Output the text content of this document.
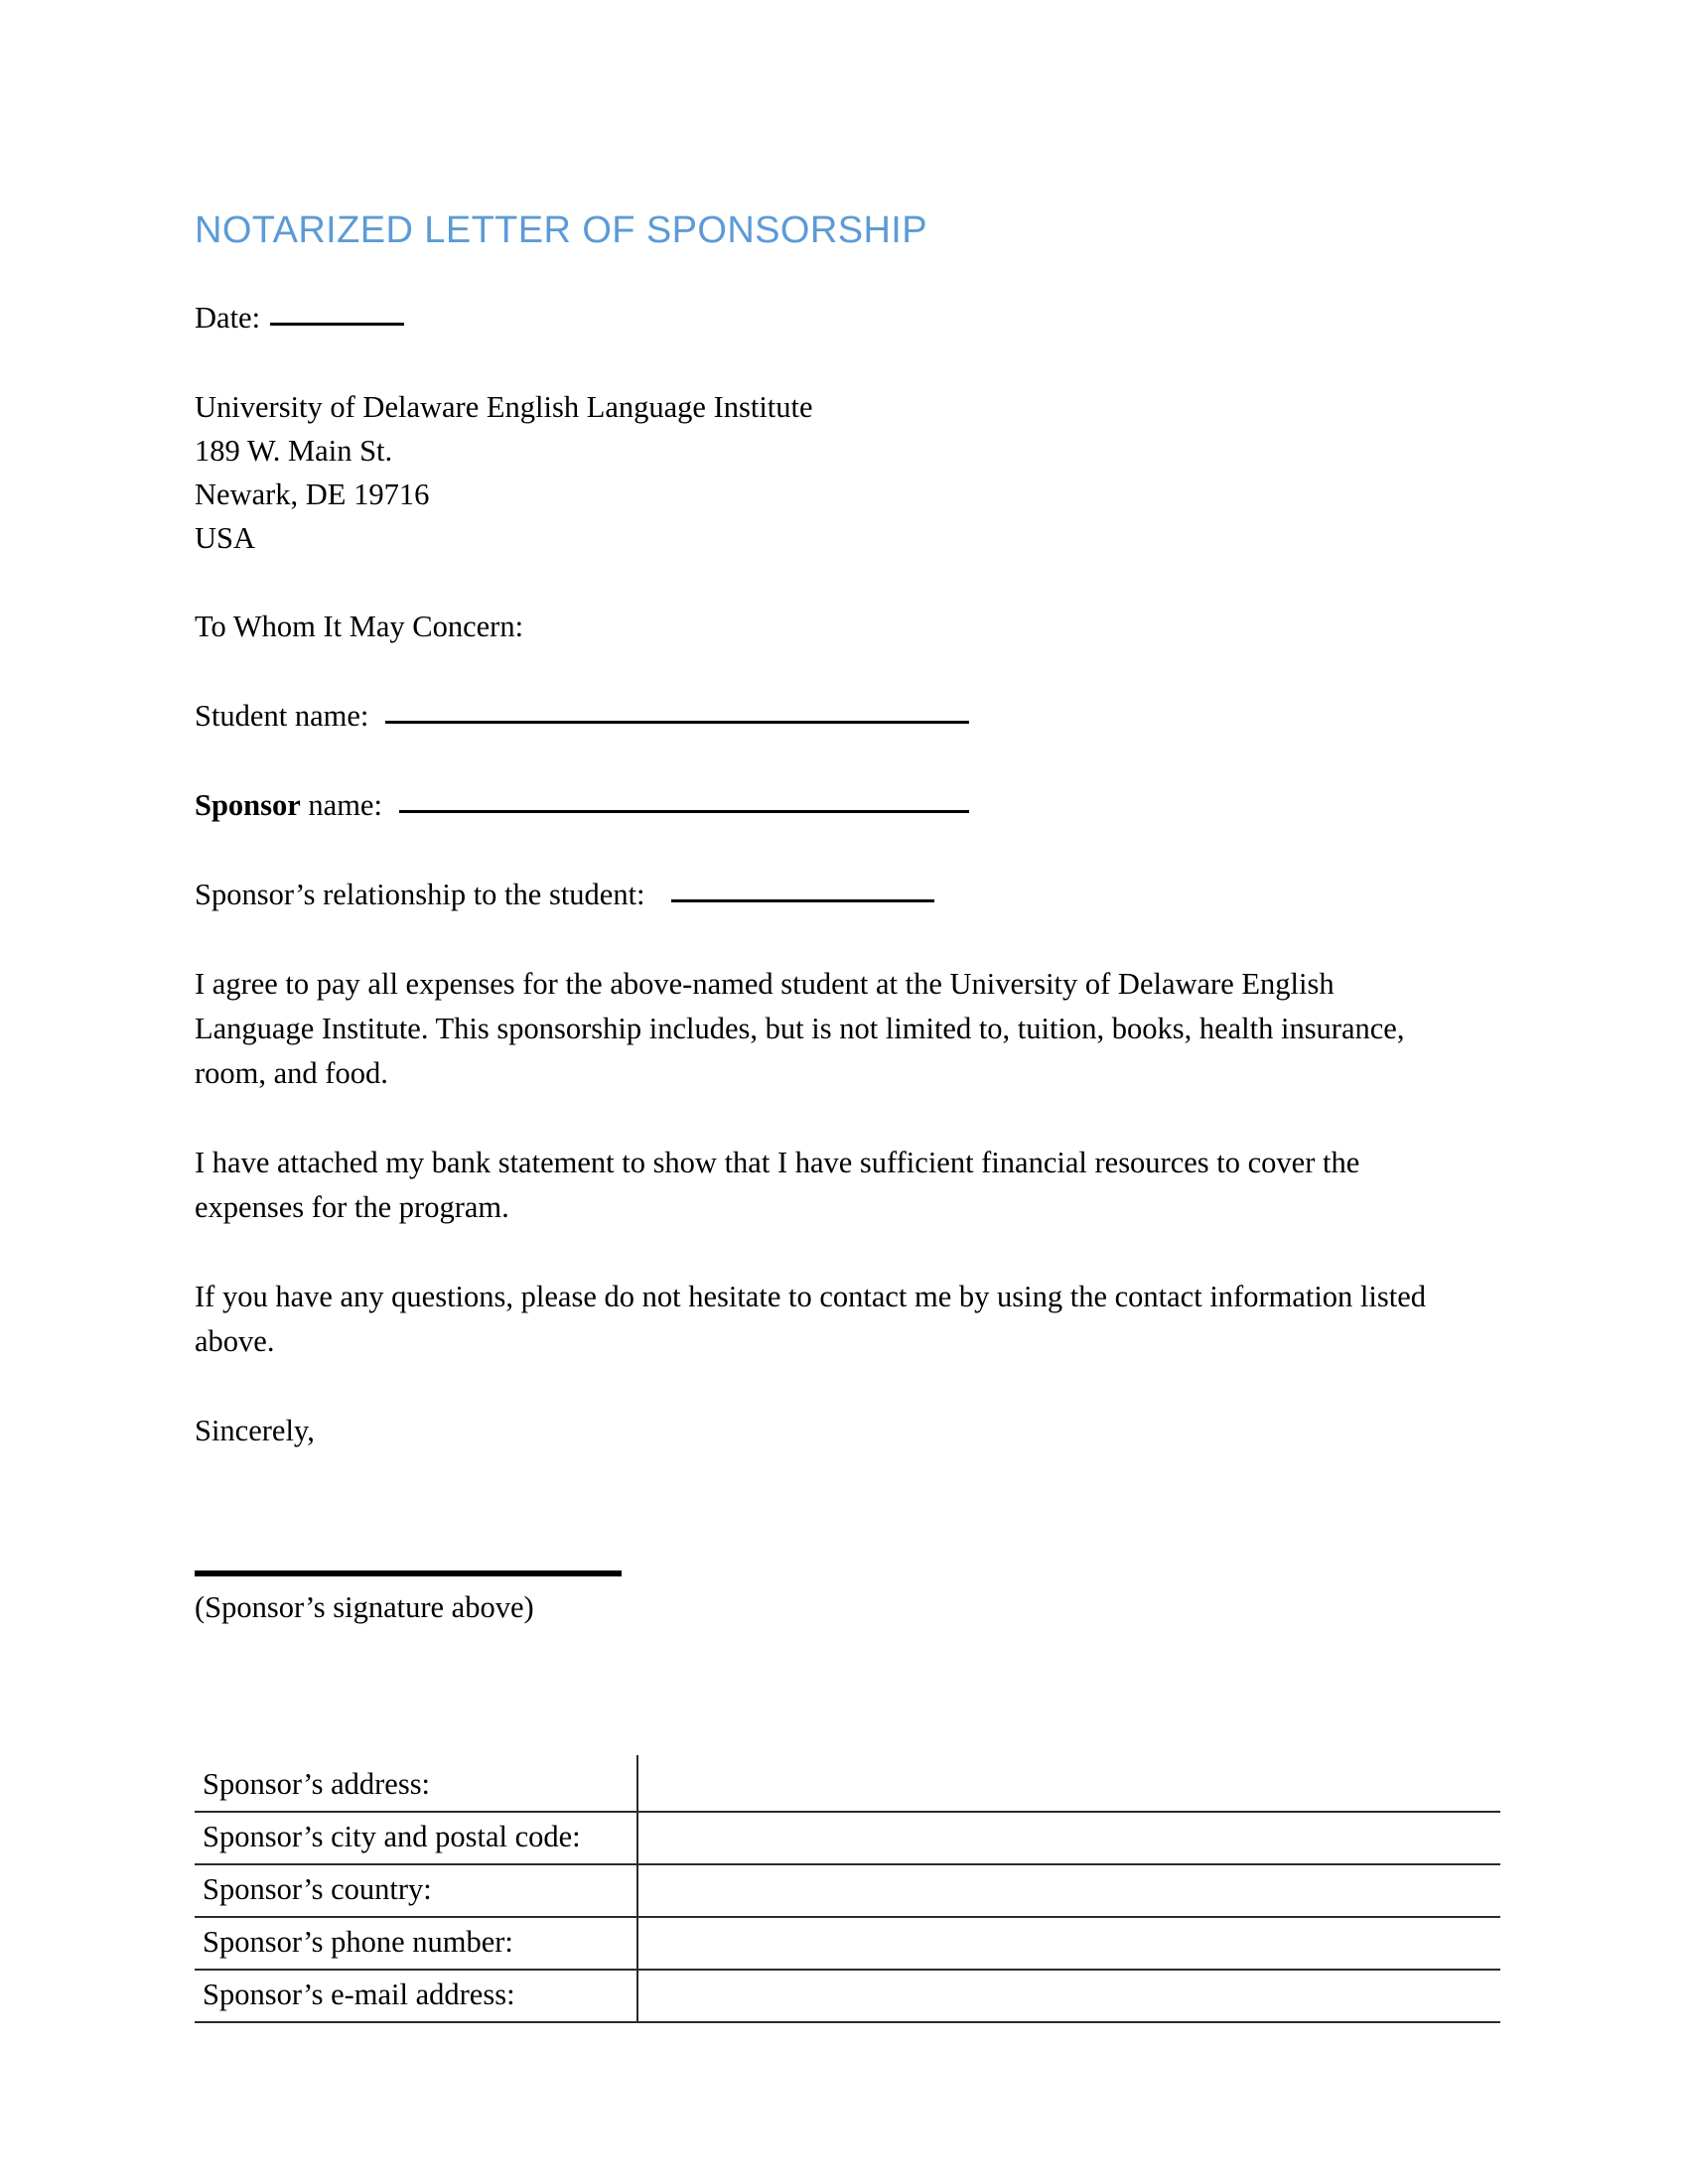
NOTARIZED LETTER OF SPONSORSHIP
Date:

University of Delaware English Language Institute

189 W. Main St.

Newark, DE 19716

USA

To Whom It May Concern:

Student name:
Sponsor name:
Sponsor’s relationship to the student:

I agree to pay all expenses for the above-named student at the University of Delaware English Language Institute. This sponsorship includes, but is not limited to, tuition, books, health insurance, room, and food.

I have attached my bank statement to show that I have sufficient financial resources to cover the expenses for the program.

If you have any questions, please do not hesitate to contact me by using the contact information listed above.

Sincerely,

(Sponsor’s signature above)
Sponsor’s address:	
Sponsor’s city and postal code:	
Sponsor’s country:	
Sponsor’s phone number:	
Sponsor’s e-mail address:	
